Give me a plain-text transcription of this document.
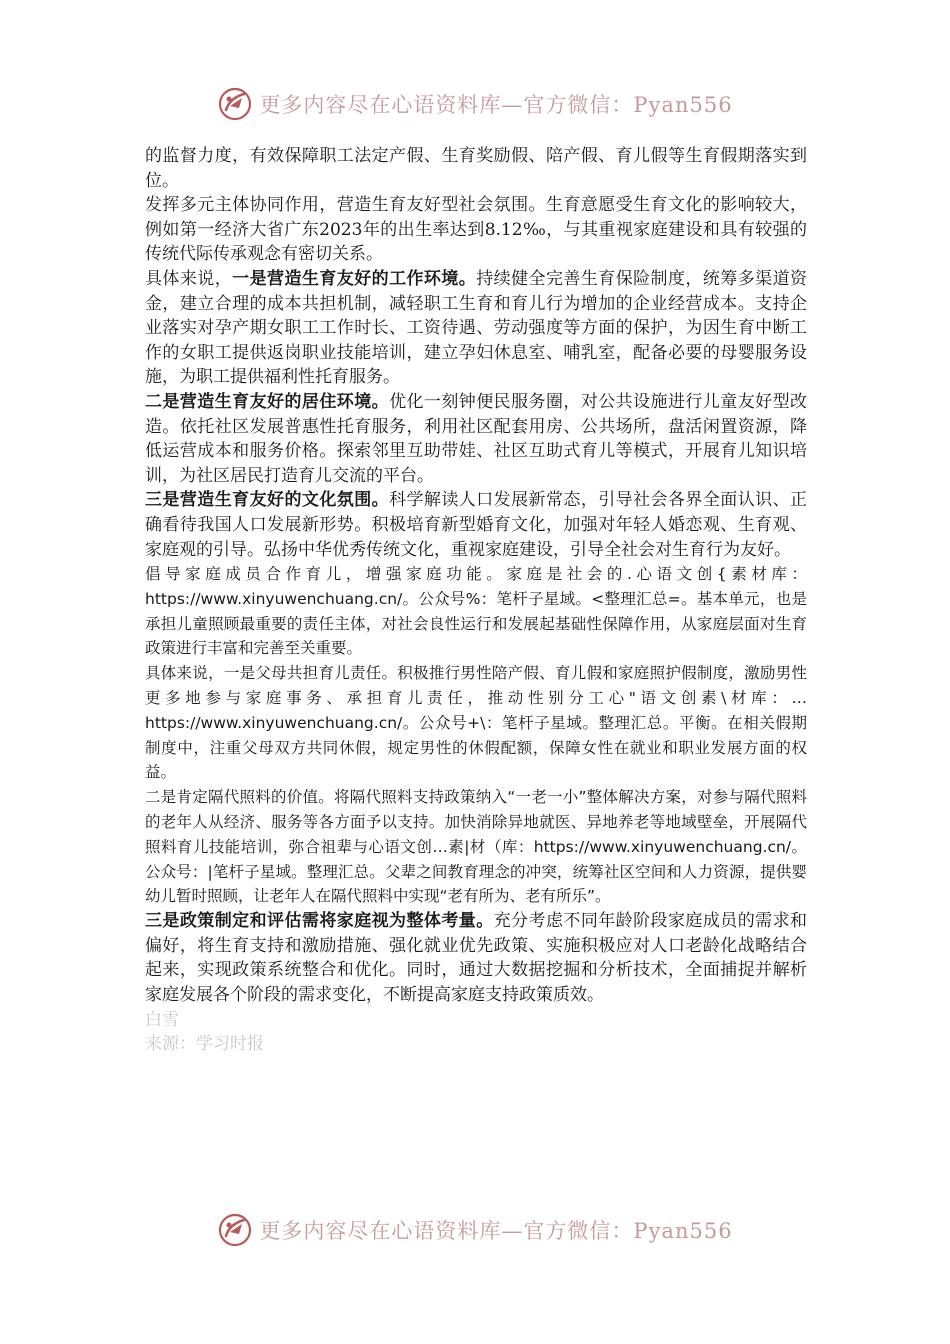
更多内容尽在心语资料库—官方微信：Pyan556

的监督力度，有效保障职工法定产假、生育奖励假、陪产假、育儿假等生育假期落实到位。

发挥多元主体协同作用，营造生育友好型社会氛围。生育意愿受生育文化的影响较大，例如第一经济大省广东2023年的出生率达到8.12‰，与其重视家庭建设和具有较强的传统代际传承观念有密切关系。

具体来说，一是营造生育友好的工作环境。持续健全完善生育保险制度，统筹多渠道资金，建立合理的成本共担机制，减轻职工生育和育儿行为增加的企业经营成本。支持企业落实对孕产期女职工工作时长、工资待遇、劳动强度等方面的保护，为因生育中断工作的女职工提供返岗职业技能培训，建立孕妇休息室、哺乳室，配备必要的母婴服务设施，为职工提供福利性托育服务。

二是营造生育友好的居住环境。优化一刻钟便民服务圈，对公共设施进行儿童友好型改造。依托社区发展普惠性托育服务，利用社区配套用房、公共场所，盘活闲置资源，降低运营成本和服务价格。探索邻里互助带娃、社区互助式育儿等模式，开展育儿知识培训，为社区居民打造育儿交流的平台。

三是营造生育友好的文化氛围。科学解读人口发展新常态，引导社会各界全面认识、正确看待我国人口发展新形势。积极培育新型婚育文化，加强对年轻人婚恋观、生育观、家庭观的引导。弘扬中华优秀传统文化，重视家庭建设，引导全社会对生育行为友好。

倡导家庭成员合作育儿，增强家庭功能。家庭是社会的.心语文创{素材库：https://www.xinyuwenchuang.cn/。公众号%：笔杆子星域。<整理汇总=。基本单元，也是承担儿童照顾最重要的责任主体，对社会良性运行和发展起基础性保障作用，从家庭层面对生育政策进行丰富和完善至关重要。

具体来说，一是父母共担育儿责任。积极推行男性陪产假、育儿假和家庭照护假制度，激励男性更多地参与家庭事务、承担育儿责任，推动性别分工心"语文创素\材库：…https://www.xinyuwenchuang.cn/。公众号+\：笔杆子星域。整理汇总。平衡。在相关假期制度中，注重父母双方共同休假，规定男性的休假配额，保障女性在就业和职业发展方面的权益。

二是肯定隔代照料的价值。将隔代照料支持政策纳入“一老一小”整体解决方案，对参与隔代照料的老年人从经济、服务等各方面予以支持。加快消除异地就医、异地养老等地域壁垒，开展隔代照料育儿技能培训，弥合祖辈与心语文创…素|材（库：https://www.xinyuwenchuang.cn/。公众号：|笔杆子星域。整理汇总。父辈之间教育理念的冲突，统筹社区空间和人力资源，提供婴幼儿暂时照顾，让老年人在隔代照料中实现“老有所为、老有所乐”。

三是政策制定和评估需将家庭视为整体考量。充分考虑不同年龄阶段家庭成员的需求和偏好，将生育支持和激励措施、强化就业优先政策、实施积极应对人口老龄化战略结合起来，实现政策系统整合和优化。同时，通过大数据挖掘和分析技术，全面捕捉并解析家庭发展各个阶段的需求变化，不断提高家庭支持政策质效。

白雪

来源：学习时报

更多内容尽在心语资料库—官方微信：Pyan556
